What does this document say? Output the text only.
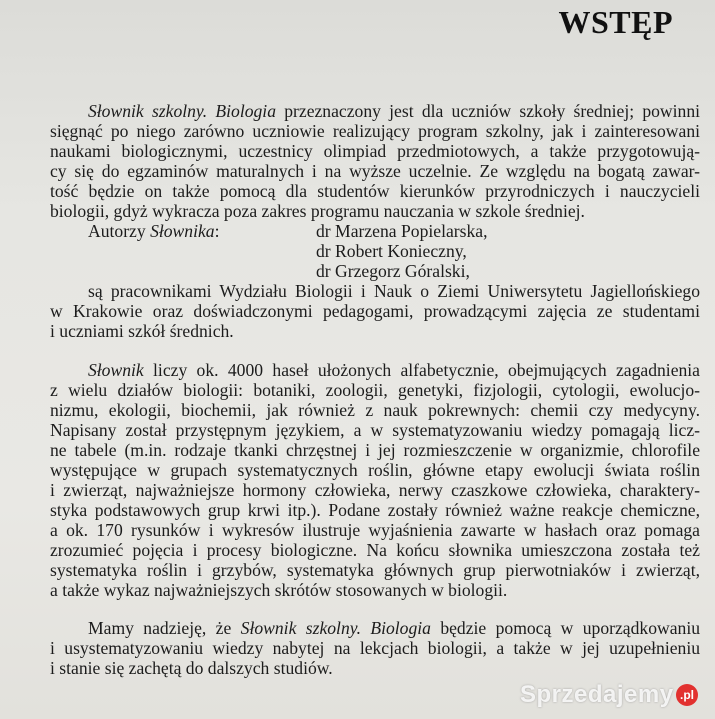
WSTĘP
Słownik szkolny. Biologia przeznaczony jest dla uczniów szkoły średniej; powinni
sięgnąć po niego zarówno uczniowie realizujący program szkolny, jak i zainteresowani
naukami biologicznymi, uczestnicy olimpiad przedmiotowych, a także przygotowują-
cy się do egzaminów maturalnych i na wyższe uczelnie. Ze względu na bogatą zawar-
tość będzie on także pomocą dla studentów kierunków przyrodniczych i nauczycieli
biologii, gdyż wykracza poza zakres programu nauczania w szkole średniej.
Autorzy Słownika:	dr Marzena Popielarska,
dr Robert Konieczny,
dr Grzegorz Góralski,
są pracownikami Wydziału Biologii i Nauk o Ziemi Uniwersytetu Jagiellońskiego
w Krakowie oraz doświadczonymi pedagogami, prowadzącymi zajęcia ze studentami
i uczniami szkół średnich.
Słownik liczy ok. 4000 haseł ułożonych alfabetycznie, obejmujących zagadnienia
z wielu działów biologii: botaniki, zoologii, genetyki, fizjologii, cytologii, ewolucjo-
nizmu, ekologii, biochemii, jak również z nauk pokrewnych: chemii czy medycyny.
Napisany został przystępnym językiem, a w systematyzowaniu wiedzy pomagają licz-
ne tabele (m.in. rodzaje tkanki chrzęstnej i jej rozmieszczenie w organizmie, chlorofile
występujące w grupach systematycznych roślin, główne etapy ewolucji świata roślin
i zwierząt, najważniejsze hormony człowieka, nerwy czaszkowe człowieka, charaktery-
styka podstawowych grup krwi itp.). Podane zostały również ważne reakcje chemiczne,
a ok. 170 rysunków i wykresów ilustruje wyjaśnienia zawarte w hasłach oraz pomaga
zrozumieć pojęcia i procesy biologiczne. Na końcu słownika umieszczona została też
systematyka roślin i grzybów, systematyka głównych grup pierwotniaków i zwierząt,
a także wykaz najważniejszych skrótów stosowanych w biologii.
Mamy nadzieję, że Słownik szkolny. Biologia będzie pomocą w uporządkowaniu
i usystematyzowaniu wiedzy nabytej na lekcjach biologii, a także w jej uzupełnieniu
i stanie się zachętą do dalszych studiów.
Sprzedajemy .pl
